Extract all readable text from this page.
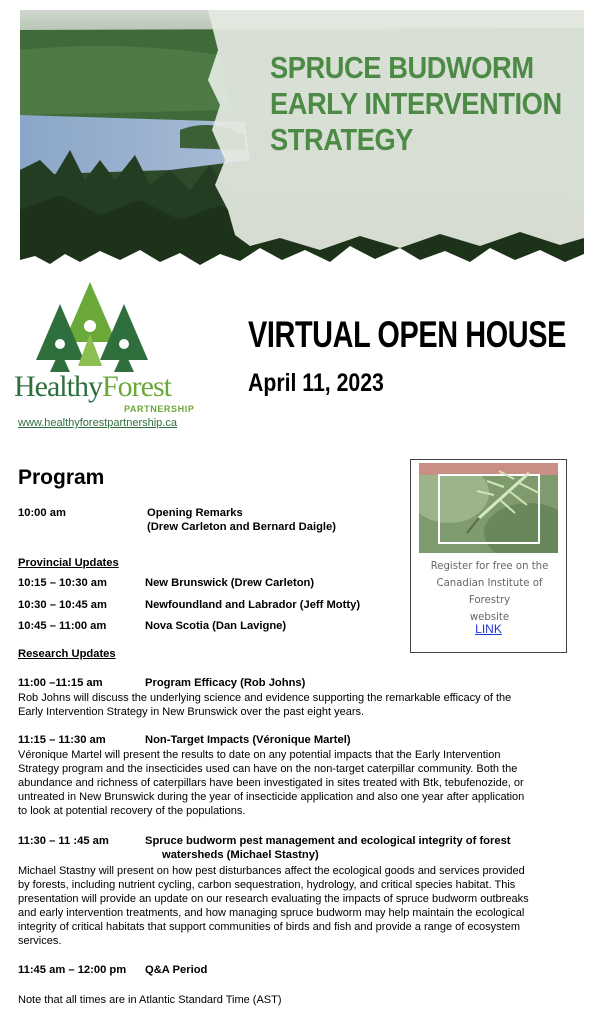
SPRUCE BUDWORM
EARLY INTERVENTION
STRATEGY
HealthyForest
PARTNERSHIP
www.healthyforestpartnership.ca
VIRTUAL OPEN HOUSE
April 11, 2023
Register for free on the
Canadian Institute of Forestry
website
LINK
Program
10:00 am	Opening Remarks
(Drew Carleton and Bernard Daigle)
Provincial Updates
10:15 – 10:30 am	New Brunswick (Drew Carleton)
10:30 – 10:45 am	Newfoundland and Labrador (Jeff Motty)
10:45 – 11:00 am	Nova Scotia (Dan Lavigne)
Research Updates
11:00 –11:15 am	Program Efficacy (Rob Johns)
Rob Johns will discuss the underlying science and evidence supporting the remarkable efficacy of the
Early Intervention Strategy in New Brunswick over the past eight years.
11:15 – 11:30 am	Non-Target Impacts (Véronique Martel)
Véronique Martel will present the results to date on any potential impacts that the Early Intervention
Strategy program and the insecticides used can have on the non-target caterpillar community. Both the
abundance and richness of caterpillars have been investigated in sites treated with Btk, tebufenozide, or
untreated in New Brunswick during the year of insecticide application and also one year after application
to look at potential recovery of the populations.
11:30 – 11 :45 am	Spruce budworm pest management and ecological integrity of forest
watersheds (Michael Stastny)
Michael Stastny will present on how pest disturbances affect the ecological goods and services provided
by forests, including nutrient cycling, carbon sequestration, hydrology, and critical species habitat. This
presentation will provide an update on our research evaluating the impacts of spruce budworm outbreaks
and early intervention treatments, and how managing spruce budworm may help maintain the ecological
integrity of critical habitats that support communities of birds and fish and provide a range of ecosystem
services.
11:45 am – 12:00 pm Q&A Period
Note that all times are in Atlantic Standard Time (AST)
